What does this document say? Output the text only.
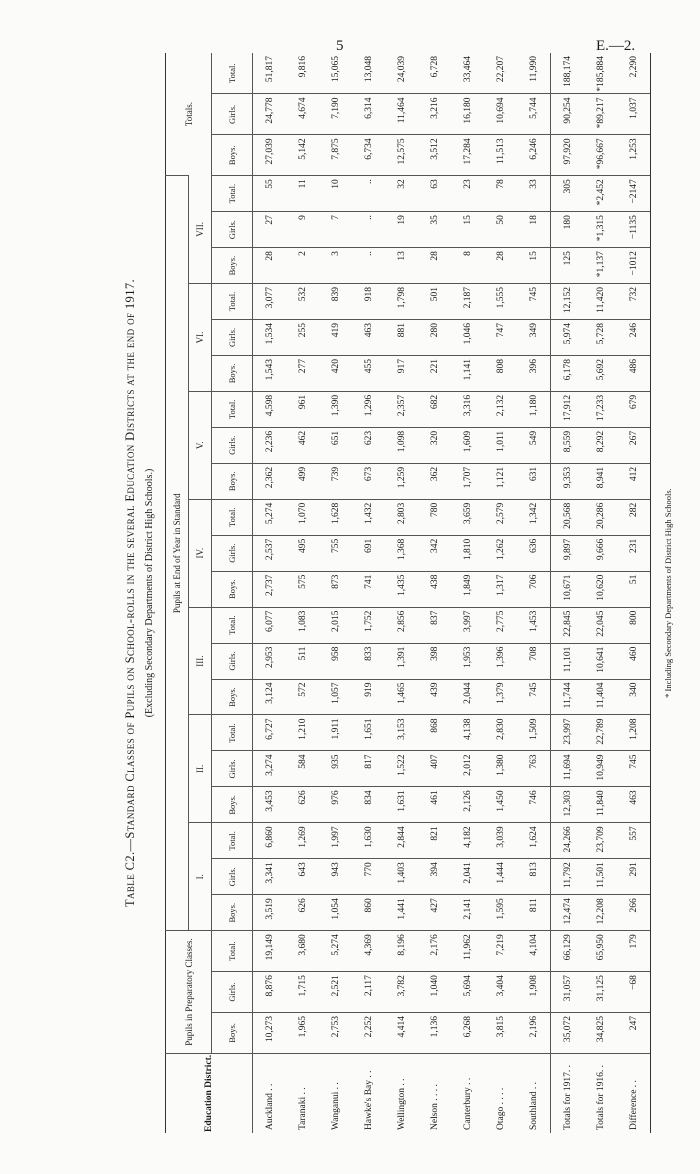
5	E.—2.
Table C2.—Standard Classes of Pupils on School-rolls in the several Education Districts at the end of 1917. (Excluding Secondary Departments of District High Schools.)
Education District.	Pupils in Preparatory Classes.			Pupils at End of Year in Standard																					Totals.		
				I.			II.			III.			IV.			V.			VI.			VII.					
	Boys.	Girls.	Total.	Boys.	Girls.	Total.	Boys.	Girls.	Total.	Boys.	Girls.	Total.	Boys.	Girls.	Total.	Boys.	Girls.	Total.	Boys.	Girls.	Total.	Boys.	Girls.	Total.	Boys.	Girls.	Total.
Auckland . .	10,273	8,876	19,149	3,519	3,341	6,860	3,453	3,274	6,727	3,124	2,953	6,077	2,737	2,537	5,274	2,362	2,236	4,598	1,543	1,534	3,077	28	27	55	27,039	24,778	51,817
Taranaki . .	1,965	1,715	3,680	626	643	1,269	626	584	1,210	572	511	1,083	575	495	1,070	499	462	961	277	255	532	2	9	11	5,142	4,674	9,816
Wanganui . .	2,753	2,521	5,274	1,054	943	1,997	976	935	1,911	1,057	958	2,015	873	755	1,628	739	651	1,390	420	419	839	3	7	10	7,875	7,190	15,065
Hawke's Bay . .	2,252	2,117	4,369	860	770	1,630	834	817	1,651	919	833	1,752	741	691	1,432	673	623	1,296	455	463	918	..	..	..	6,734	6,314	13,048
Wellington . .	4,414	3,782	8,196	1,441	1,403	2,844	1,631	1,522	3,153	1,465	1,391	2,856	1,435	1,368	2,803	1,259	1,098	2,357	917	881	1,798	13	19	32	12,575	11,464	24,039
Nelson . . . .	1,136	1,040	2,176	427	394	821	461	407	868	439	398	837	438	342	780	362	320	682	221	280	501	28	35	63	3,512	3,216	6,728
Canterbury . .	6,268	5,694	11,962	2,141	2,041	4,182	2,126	2,012	4,138	2,044	1,953	3,997	1,849	1,810	3,659	1,707	1,609	3,316	1,141	1,046	2,187	8	15	23	17,284	16,180	33,464
Otago . . . .	3,815	3,404	7,219	1,595	1,444	3,039	1,450	1,380	2,830	1,379	1,396	2,775	1,317	1,262	2,579	1,121	1,011	2,132	808	747	1,555	28	50	78	11,513	10,694	22,207
Southland . .	2,196	1,908	4,104	811	813	1,624	746	763	1,509	745	708	1,453	706	636	1,342	631	549	1,180	396	349	745	15	18	33	6,246	5,744	11,990
Totals for 1917. .	35,072	31,057	66,129	12,474	11,792	24,266	12,303	11,694	23,997	11,744	11,101	22,845	10,671	9,897	20,568	9,353	8,559	17,912	6,178	5,974	12,152	125	180	305	97,920	90,254	188,174
Totals for 1916. .	34,825	31,125	65,950	12,208	11,501	23,709	11,840	10,949	22,789	11,404	10,641	22,045	10,620	9,666	20,286	8,941	8,292	17,233	5,692	5,728	11,420	*1,137	*1,315	*2,452	*96,667	*89,217	*185,884
Difference . .	247	−68	179	266	291	557	463	745	1,208	340	460	800	51	231	282	412	267	679	486	246	732	−1012	−1135	−2147	1,253	1,037	2,290
* Including Secondary Departments of District High Schools.
